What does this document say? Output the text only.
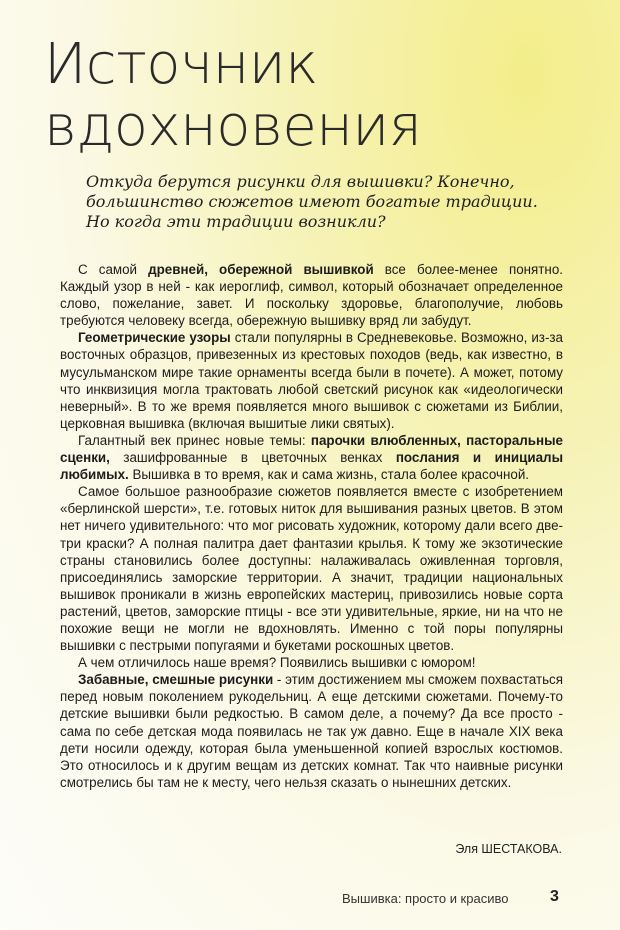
Источник
вдохновения
Откуда берутся рисунки для вышивки? Конечно,
большинство сюжетов имеют богатые традиции.
Но когда эти традиции возникли?

С самой древней, обережной вышивкой все более-менее понятно. Каждый узор в ней - как иероглиф, символ, который обозначает определенное слово, пожелание, завет. И поскольку здоровье, благополучие, любовь требуются человеку всегда, обережную вышивку вряд ли забудут.

Геометрические узоры стали популярны в Средневековье. Возможно, из-за восточных образцов, привезенных из крестовых походов (ведь, как известно, в мусульманском мире такие орнаменты всегда были в почете). А может, потому что инквизиция могла трактовать любой светский рисунок как «идеологически неверный». В то же время появляется много вышивок с сюжетами из Библии, церковная вышивка (включая вышитые лики святых).

Галантный век принес новые темы: парочки влюбленных, пасторальные сценки, зашифрованные в цветочных венках послания и инициалы любимых. Вышивка в то время, как и сама жизнь, стала более красочной.

Самое большое разнообразие сюжетов появляется вместе с изобретением «берлинской шерсти», т.е. готовых ниток для вышивания разных цветов. В этом нет ничего удивительного: что мог рисовать художник, которому дали всего две-три краски? А полная палитра дает фантазии крылья. К тому же экзотические страны становились более доступны: налаживалась оживленная торговля, присоединялись заморские территории. А значит, традиции национальных вышивок проникали в жизнь европейских мастериц, привозились новые сорта растений, цветов, заморские птицы - все эти удивительные, яркие, ни на что не похожие вещи не могли не вдохновлять. Именно с той поры популярны вышивки с пестрыми попугаями и букетами роскошных цветов.

А чем отличилось наше время? Появились вышивки с юмором!

Забавные, смешные рисунки - этим достижением мы сможем похвастаться перед новым поколением рукодельниц. А еще детскими сюжетами. Почему-то детские вышивки были редкостью. В самом деле, а почему? Да все просто - сама по себе детская мода появилась не так уж давно. Еще в начале XIX века дети носили одежду, которая была уменьшенной копией взрослых костюмов. Это относилось и к другим вещам из детских комнат. Так что наивные рисунки смотрелись бы там не к месту, чего нельзя сказать о нынешних детских.

Эля ШЕСТАКОВА.
Вышивка: просто и красиво	3
